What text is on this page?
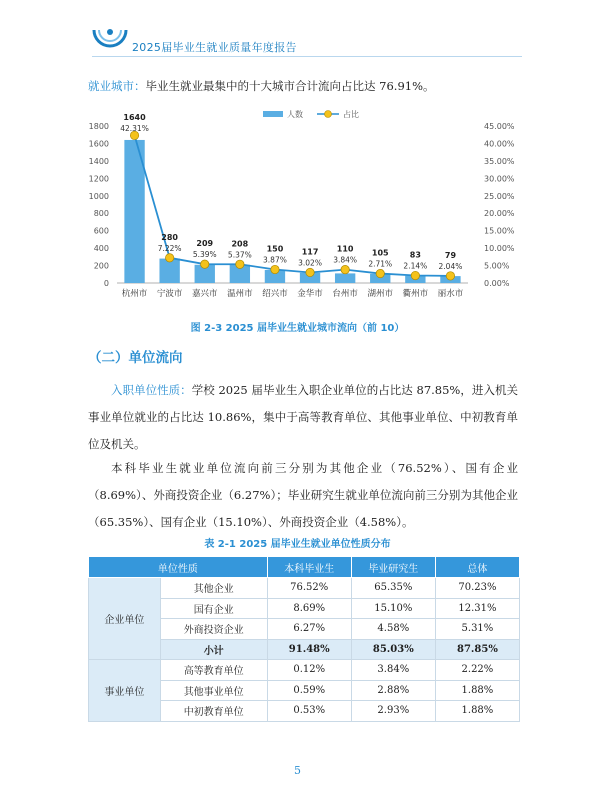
2025届毕业生就业质量年度报告
就业城市：毕业生就业最集中的十大城市合计流向占比达 76.91%。
0
200
400
600
800
1000
1200
1400
1600
1800
0.00%
5.00%
10.00%
15.00%
20.00%
25.00%
30.00%
35.00%
40.00%
45.00%
人数	占比
杭州市 宁波市 嘉兴市 温州市 绍兴市 金华市 台州市 湖州市 衢州市 丽水市
1640
42.31%
280
7.22%
209
5.39%
208
5.37%
150
3.87%
117
3.02%
110
3.84%
105
2.71%
83
2.14%
79
2.04%
图 2-3 2025 届毕业生就业城市流向（前 10）
（二）单位流向
入职单位性质：学校 2025 届毕业生入职企业单位的占比达 87.85%，进入机关事业单位就业的占比达 10.86%，集中于高等教育单位、其他事业单位、中初教育单位及机关。
本科毕业生就业单位流向前三分别为其他企业（76.52%）、国有企业（8.69%）、外商投资企业（6.27%）；毕业研究生就业单位流向前三分别为其他企业（65.35%）、国有企业（15.10%）、外商投资企业（4.58%）。
表 2-1 2025 届毕业生就业单位性质分布
单位性质		本科毕业生	毕业研究生	总体
企业单位	其他企业	76.52%	65.35%	70.23%
	国有企业	8.69%	15.10%	12.31%
	外商投资企业	6.27%	4.58%	5.31%
	小计	91.48%	85.03%	87.85%
事业单位	高等教育单位	0.12%	3.84%	2.22%
	其他事业单位	0.59%	2.88%	1.88%
	中初教育单位	0.53%	2.93%	1.88%
5
